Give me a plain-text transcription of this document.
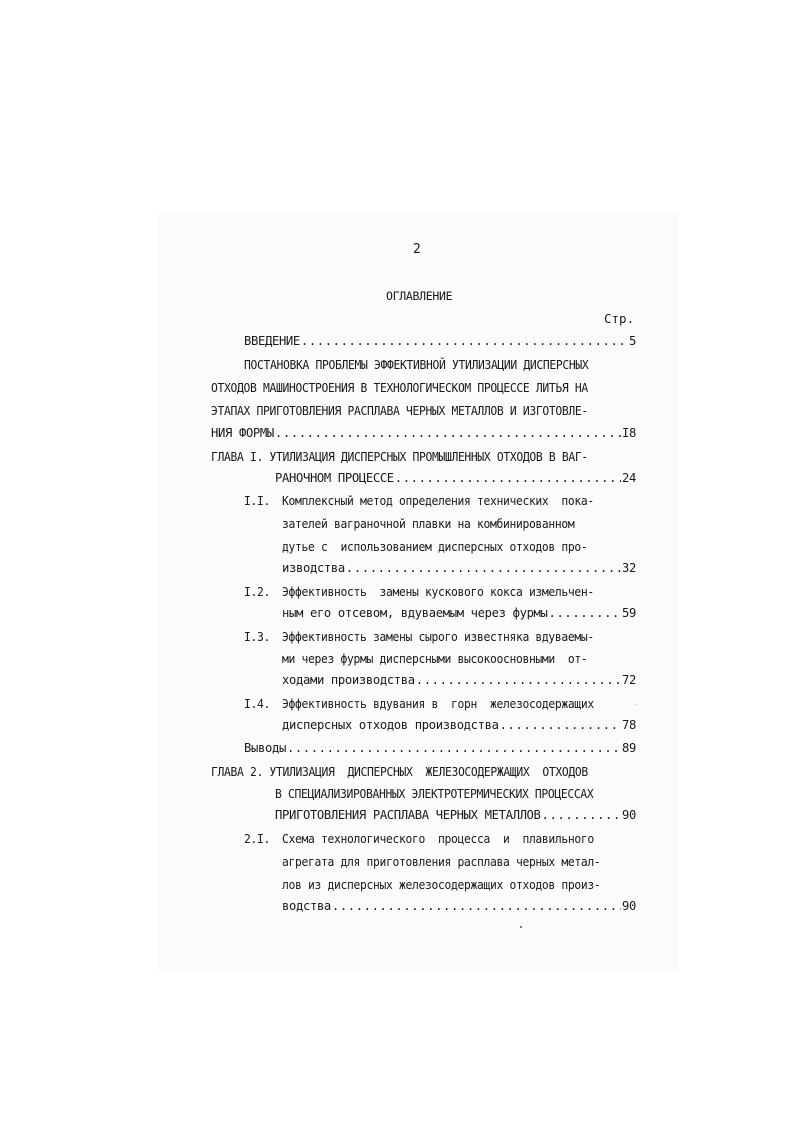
2
ОГЛАВЛЕНИЕ
Стр.
ВВЕДЕНИЕ .....	5
ПОСТАНОВКА ПРОБЛЕМЫ ЭФФЕКТИВНОЙ УТИЛИЗАЦИИ ДИСПЕРСНЫХ
ОТХОДОВ МАШИНОСТРОЕНИЯ В ТЕХНОЛОГИЧЕСКОМ ПРОЦЕССЕ ЛИТЬЯ НА
ЭТАПАХ ПРИГОТОВЛЕНИЯ РАСПЛАВА ЧЕРНЫХ МЕТАЛЛОВ И ИЗГОТОВЛЕ-
НИЯ ФОРМЫ .....	I8
ГЛАВА I. УТИЛИЗАЦИЯ ДИСПЕРСНЫХ ПРОМЫШЛЕННЫХ ОТХОДОВ В ВАГ-
РАНОЧНОМ ПРОЦЕССЕ .....	24
I.I. Комплексный метод определения технических  пока-
зателей ваграночной плавки на комбинированном
дутье с  использованием дисперсных отходов про-
изводства .....	32
I.2. Эффективность  замены кускового кокса измельчен-
ным его отсевом, вдуваемым через фурмы .....	59
I.3. Эффективность замены сырого известняка вдуваемы-
ми через фурмы дисперсными высокоосновными  от-
ходами производства .....	72
I.4. Эффективность вдувания в  горн  железосодержащих
дисперсных отходов производства .....	78
Выводы .....	89
ГЛАВА 2. УТИЛИЗАЦИЯ  ДИСПЕРСНЫХ  ЖЕЛЕЗОСОДЕРЖАЩИХ  ОТХОДОВ
В СПЕЦИАЛИЗИРОВАННЫХ ЭЛЕКТРОТЕРМИЧЕСКИХ ПРОЦЕССАХ
ПРИГОТОВЛЕНИЯ РАСПЛАВА ЧЕРНЫХ МЕТАЛЛОВ .....	90
2.I. Схема технологического  процесса  и  плавильного
агрегата для приготовления расплава черных метал-
лов из дисперсных железосодержащих отходов произ-
водства .....	90
